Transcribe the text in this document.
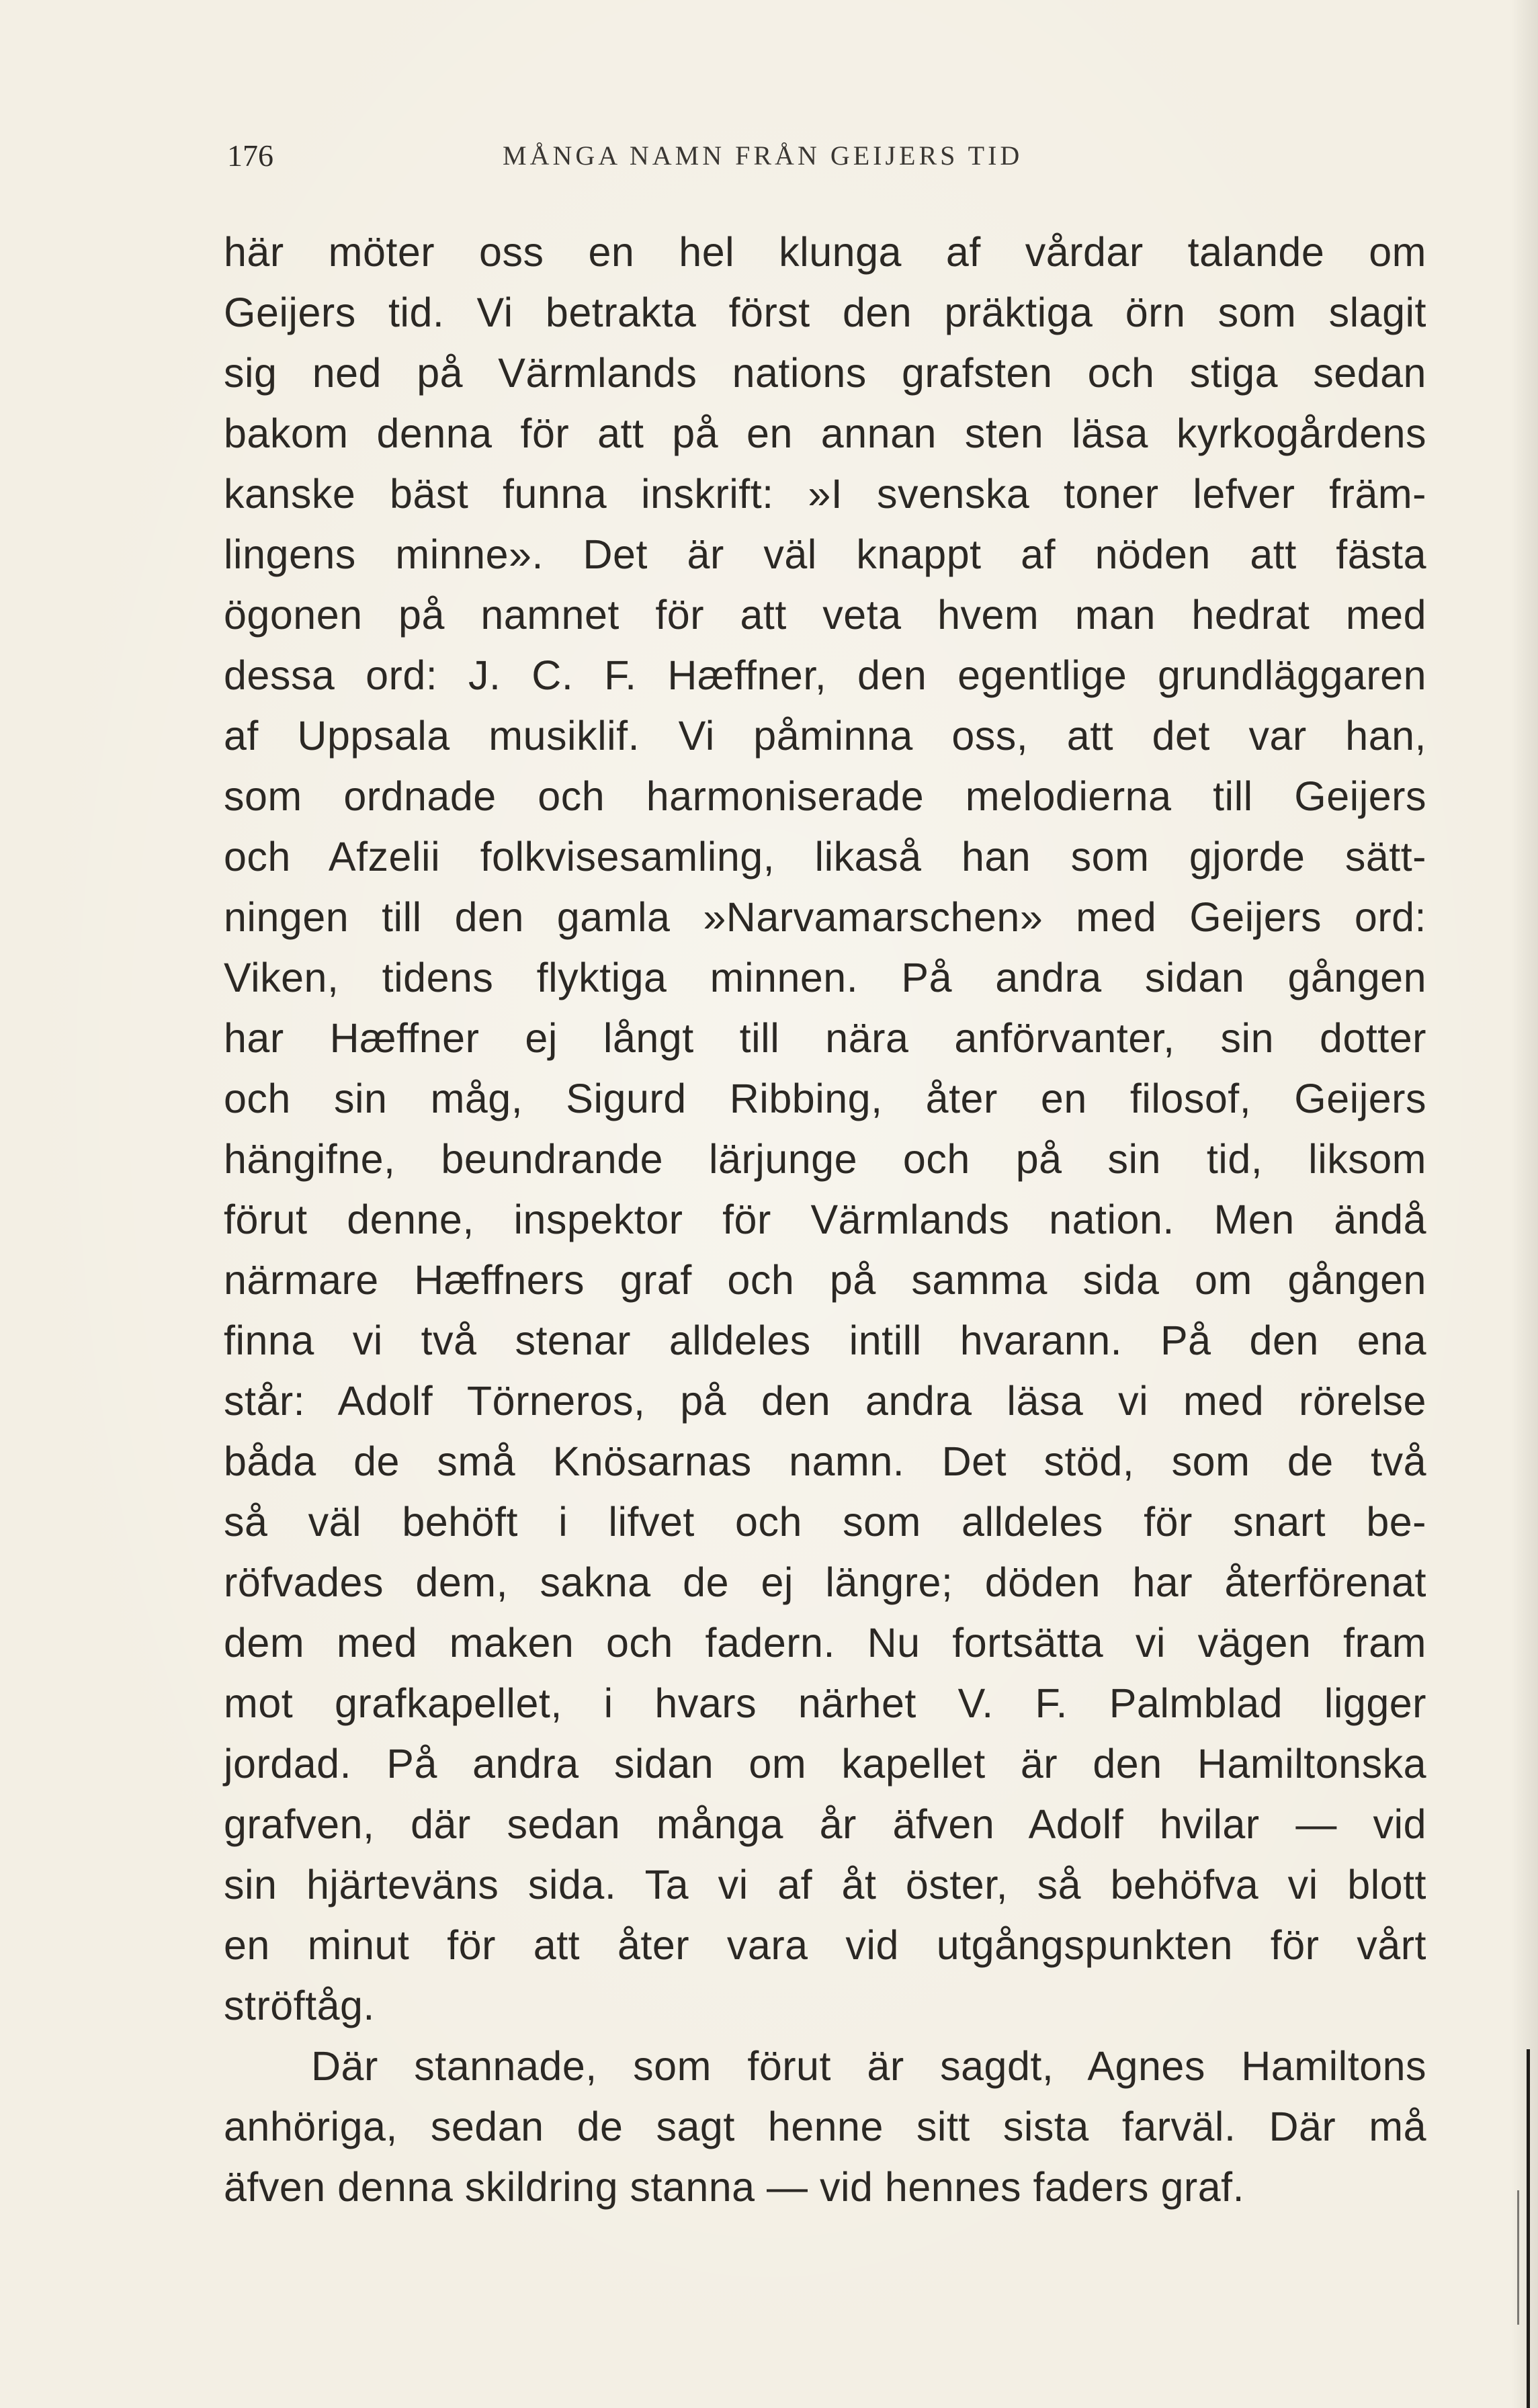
176	MÅNGA NAMN FRÅN GEIJERS TID
här möter oss en hel klunga af vårdar talande om
Geijers tid. Vi betrakta först den präktiga örn som slagit
sig ned på Värmlands nations grafsten och stiga sedan
bakom denna för att på en annan sten läsa kyrkogårdens
kanske bäst funna inskrift: »I svenska toner lefver främ-
lingens minne». Det är väl knappt af nöden att fästa
ögonen på namnet för att veta hvem man hedrat med
dessa ord: J. C. F. Hæffner, den egentlige grundläggaren
af Uppsala musiklif. Vi påminna oss, att det var han,
som ordnade och harmoniserade melodierna till Geijers
och Afzelii folkvisesamling, likaså han som gjorde sätt-
ningen till den gamla »Narvamarschen» med Geijers ord:
Viken, tidens flyktiga minnen. På andra sidan gången
har Hæffner ej långt till nära anförvanter, sin dotter
och sin måg, Sigurd Ribbing, åter en filosof, Geijers
hängifne, beundrande lärjunge och på sin tid, liksom
förut denne, inspektor för Värmlands nation. Men ändå
närmare Hæffners graf och på samma sida om gången
finna vi två stenar alldeles intill hvarann. På den ena
står: Adolf Törneros, på den andra läsa vi med rörelse
båda de små Knösarnas namn. Det stöd, som de två
så väl behöft i lifvet och som alldeles för snart be-
röfvades dem, sakna de ej längre; döden har återförenat
dem med maken och fadern. Nu fortsätta vi vägen fram
mot grafkapellet, i hvars närhet V. F. Palmblad ligger
jordad. På andra sidan om kapellet är den Hamiltonska
grafven, där sedan många år äfven Adolf hvilar — vid
sin hjärteväns sida. Ta vi af åt öster, så behöfva vi blott
en minut för att åter vara vid utgångspunkten för vårt
ströftåg.
Där stannade, som förut är sagdt, Agnes Hamiltons
anhöriga, sedan de sagt henne sitt sista farväl. Där må
äfven denna skildring stanna — vid hennes faders graf.
